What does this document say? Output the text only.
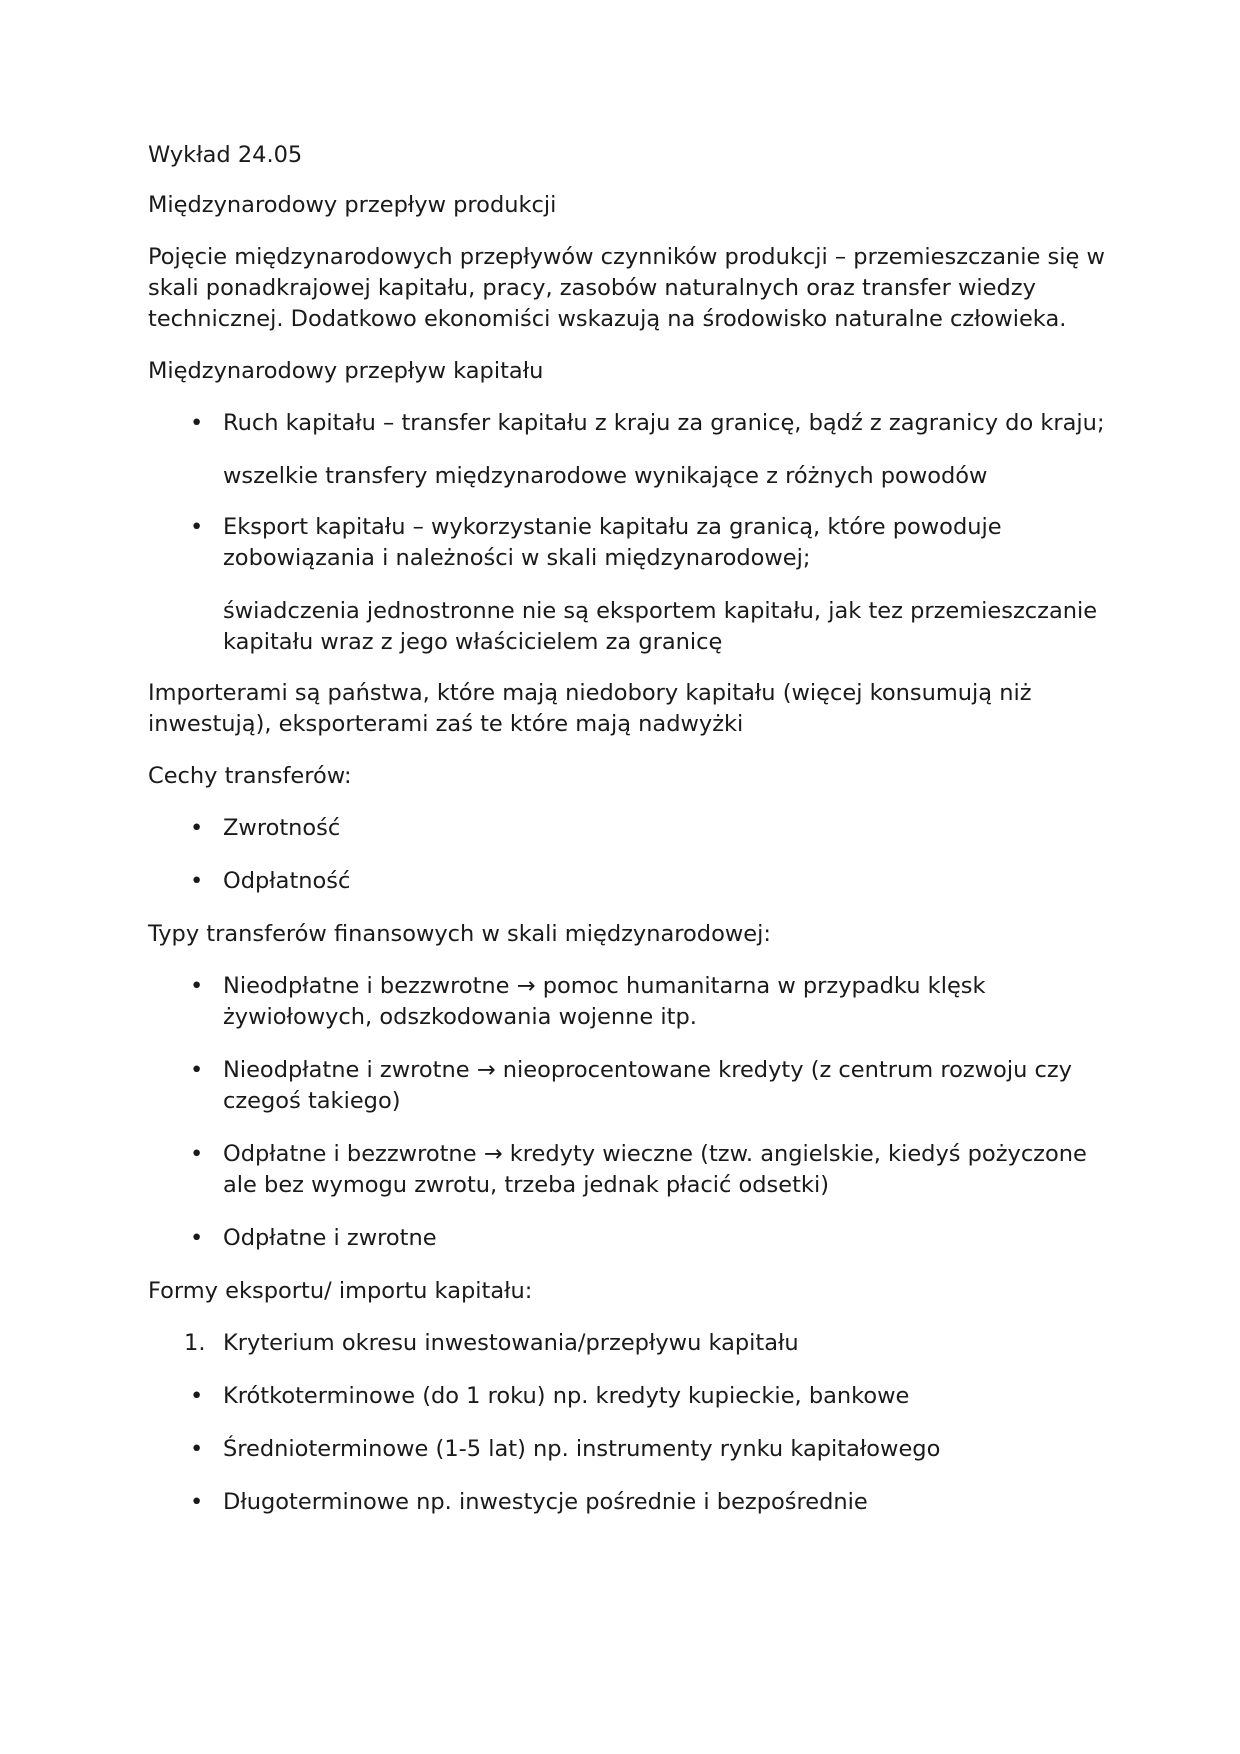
Wykład 24.05

Międzynarodowy przepływ produkcji

Pojęcie międzynarodowych przepływów czynników produkcji – przemieszczanie się w skali ponadkrajowej kapitału, pracy, zasobów naturalnych oraz transfer wiedzy technicznej. Dodatkowo ekonomiści wskazują na środowisko naturalne człowieka.

Międzynarodowy przepływ kapitału

• Ruch kapitału – transfer kapitału z kraju za granicę, bądź z zagranicy do kraju;

wszelkie transfery międzynarodowe wynikające z różnych powodów

• Eksport kapitału – wykorzystanie kapitału za granicą, które powoduje zobowiązania i należności w skali międzynarodowej;

świadczenia jednostronne nie są eksportem kapitału, jak tez przemieszczanie kapitału wraz z jego właścicielem za granicę

Importerami są państwa, które mają niedobory kapitału (więcej konsumują niż inwestują), eksporterami zaś te które mają nadwyżki

Cechy transferów:

• Zwrotność
• Odpłatność

Typy transferów finansowych w skali międzynarodowej:

• Nieodpłatne i bezzwrotne → pomoc humanitarna w przypadku klęsk żywiołowych, odszkodowania wojenne itp.
• Nieodpłatne i zwrotne → nieoprocentowane kredyty (z centrum rozwoju czy czegoś takiego)
• Odpłatne i bezzwrotne → kredyty wieczne (tzw. angielskie, kiedyś pożyczone ale bez wymogu zwrotu, trzeba jednak płacić odsetki)
• Odpłatne i zwrotne

Formy eksportu/ importu kapitału:

1. Kryterium okresu inwestowania/przepływu kapitału
• Krótkoterminowe (do 1 roku) np. kredyty kupieckie, bankowe
• Średnioterminowe (1-5 lat) np. instrumenty rynku kapitałowego
• Długoterminowe np. inwestycje pośrednie i bezpośrednie
